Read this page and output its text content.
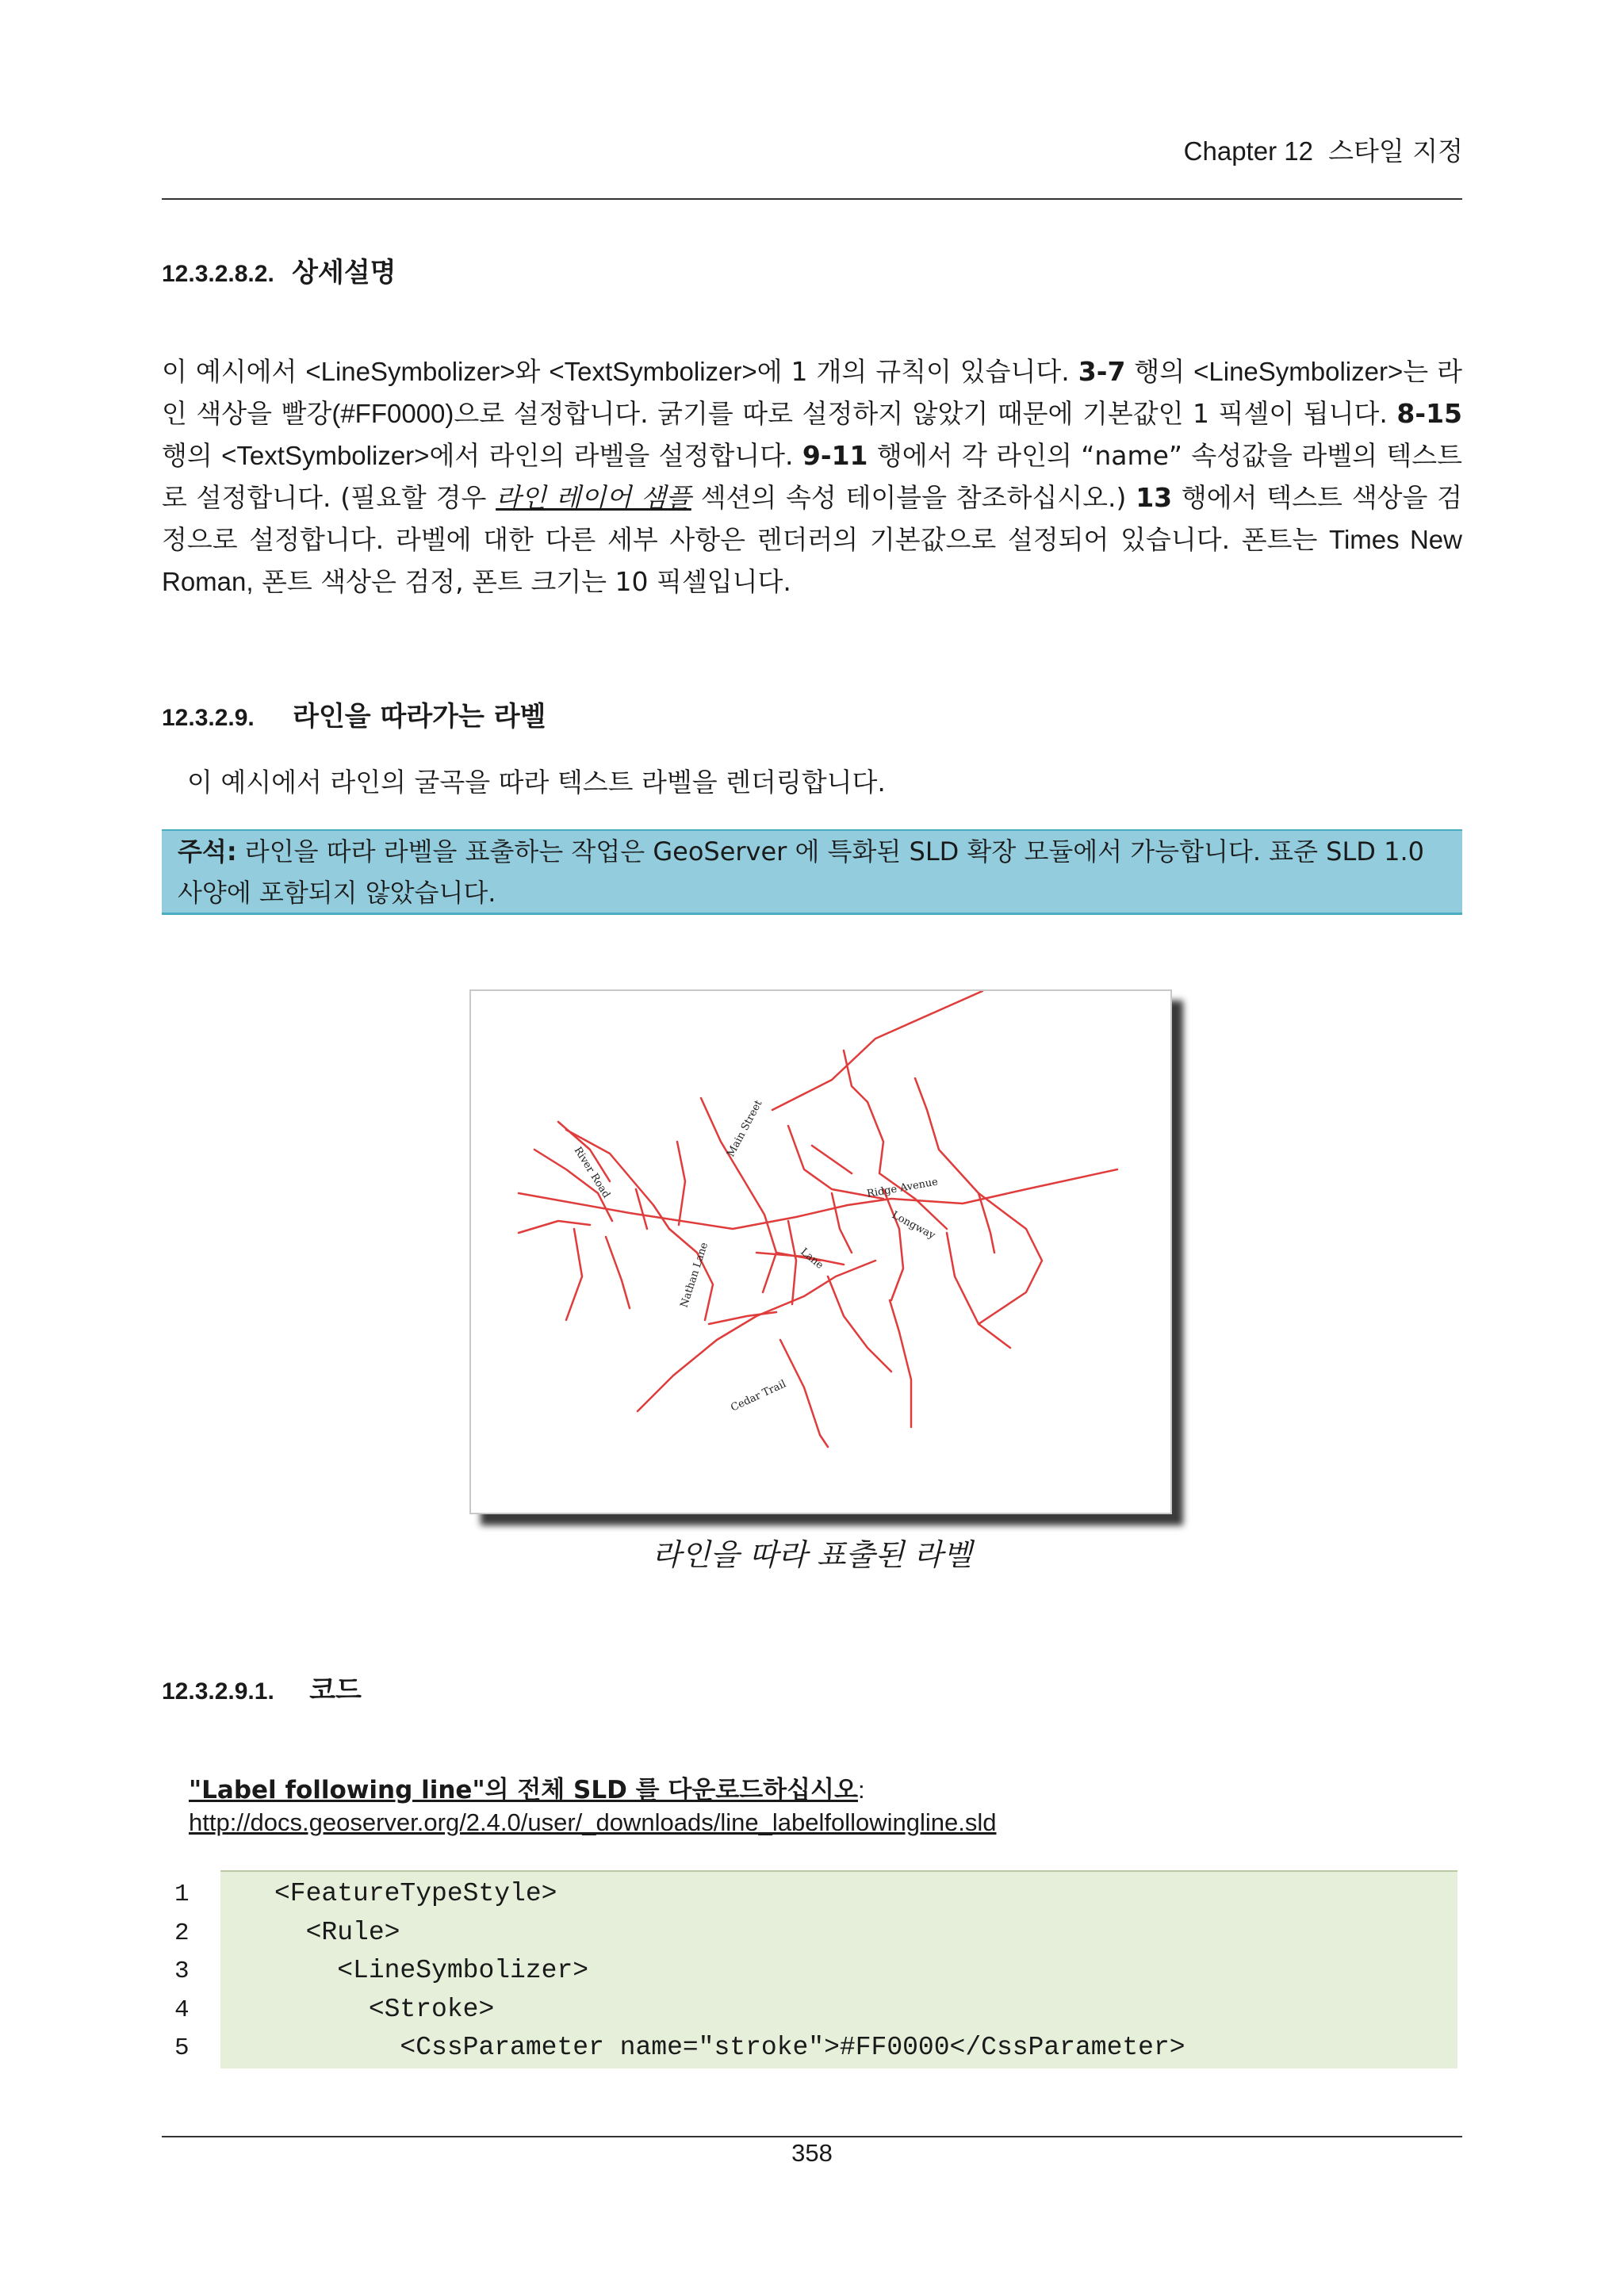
Chapter 12 스타일 지정
12.3.2.8.2. 상세설명
이 예시에서 <LineSymbolizer>와 <TextSymbolizer>에 1 개의 규칙이 있습니다. 3-7 행의 <LineSymbolizer>는 라인 색상을 빨강(#FF0000)으로 설정합니다. 굵기를 따로 설정하지 않았기 때문에 기본값인 1 픽셀이 됩니다. 8-15 행의 <TextSymbolizer>에서 라인의 라벨을 설정합니다. 9-11 행에서 각 라인의 “name” 속성값을 라벨의 텍스트로 설정합니다. (필요할 경우 라인 레이어 샘플 섹션의 속성 테이블을 참조하십시오.) 13 행에서 텍스트 색상을 검정으로 설정합니다. 라벨에 대한 다른 세부 사항은 렌더러의 기본값으로 설정되어 있습니다. 폰트는 Times New Roman, 폰트 색상은 검정, 폰트 크기는 10 픽셀입니다.
12.3.2.9. 라인을 따라가는 라벨
이 예시에서 라인의 굴곡을 따라 텍스트 라벨을 렌더링합니다.
주석: 라인을 따라 라벨을 표출하는 작업은 GeoServer 에 특화된 SLD 확장 모듈에서 가능합니다. 표준 SLD 1.0 사양에 포함되지 않았습니다.
River Road
Main Street
Ridge Avenue
Longway
Lane
Nathan Lane
Cedar Trail
라인을 따라 표출된 라벨
12.3.2.9.1. 코드
"Label following line"의 전체 SLD 를 다운로드하십시오:
http://docs.geoserver.org/2.4.0/user/_downloads/line_labelfollowingline.sld
1	<FeatureTypeStyle>
2	<Rule>
3	<LineSymbolizer>
4	<Stroke>
5	<CssParameter name="stroke">#FF0000</CssParameter>
358
